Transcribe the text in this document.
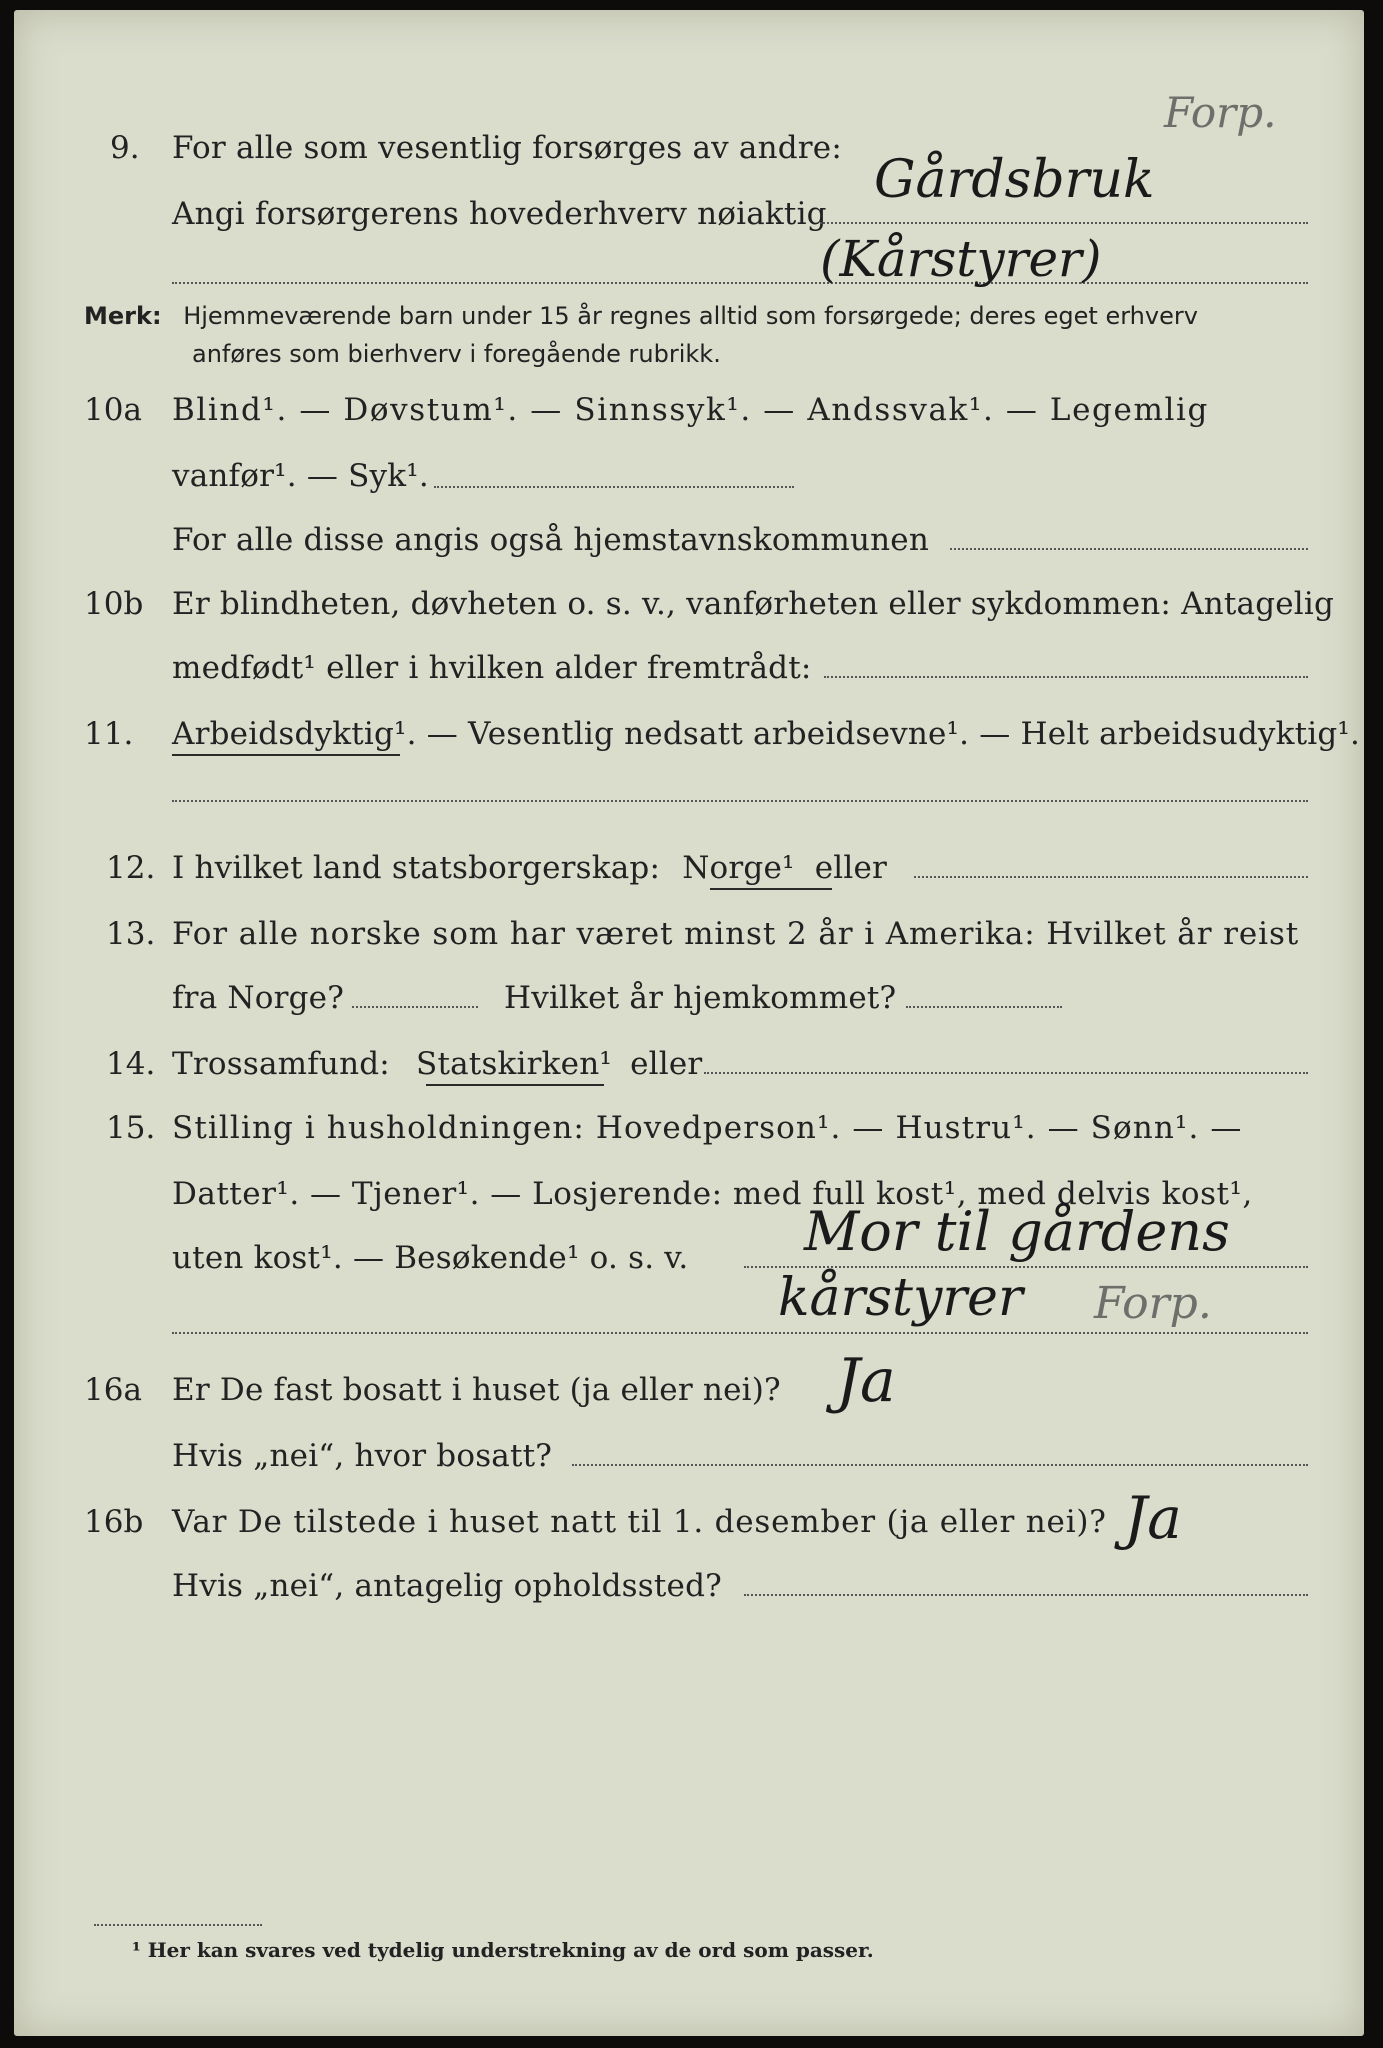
Forp.
9. For alle som vesentlig forsørges av andre:
Angi forsørgerens hovederhverv nøiaktig
Gårdsbruk
(Kårstyrer)
Merk: Hjemmeværende barn under 15 år regnes alltid som forsørgede; deres eget erhverv
anføres som bierhverv i foregående rubrikk.
10a Blind¹. — Døvstum¹. — Sinnssyk¹. — Andssvak¹. — Legemlig
vanfør¹. — Syk¹.
For alle disse angis også hjemstavnskommunen
10b Er blindheten, døvheten o. s. v., vanførheten eller sykdommen: Antagelig
medfødt¹ eller i hvilken alder fremtrådt:
11. Arbeidsdyktig¹. — Vesentlig nedsatt arbeidsevne¹. — Helt arbeidsudyktig¹.
12. I hvilket land statsborgerskap: Norge¹ eller
13. For alle norske som har været minst 2 år i Amerika: Hvilket år reist
fra Norge?	Hvilket år hjemkommet?
14. Trossamfund: Statskirken¹ eller
15. Stilling i husholdningen: Hovedperson¹. — Hustru¹. — Sønn¹. —
Datter¹. — Tjener¹. — Losjerende: med full kost¹, med delvis kost¹,
uten kost¹. — Besøkende¹ o. s. v. Mor til gårdens
kårstyrer Forp.
16a Er De fast bosatt i huset (ja eller nei)? Ja
Hvis „nei“, hvor bosatt?
16b Var De tilstede i huset natt til 1. desember (ja eller nei)? Ja
Hvis „nei“, antagelig opholdssted?
¹ Her kan svares ved tydelig understrekning av de ord som passer.
